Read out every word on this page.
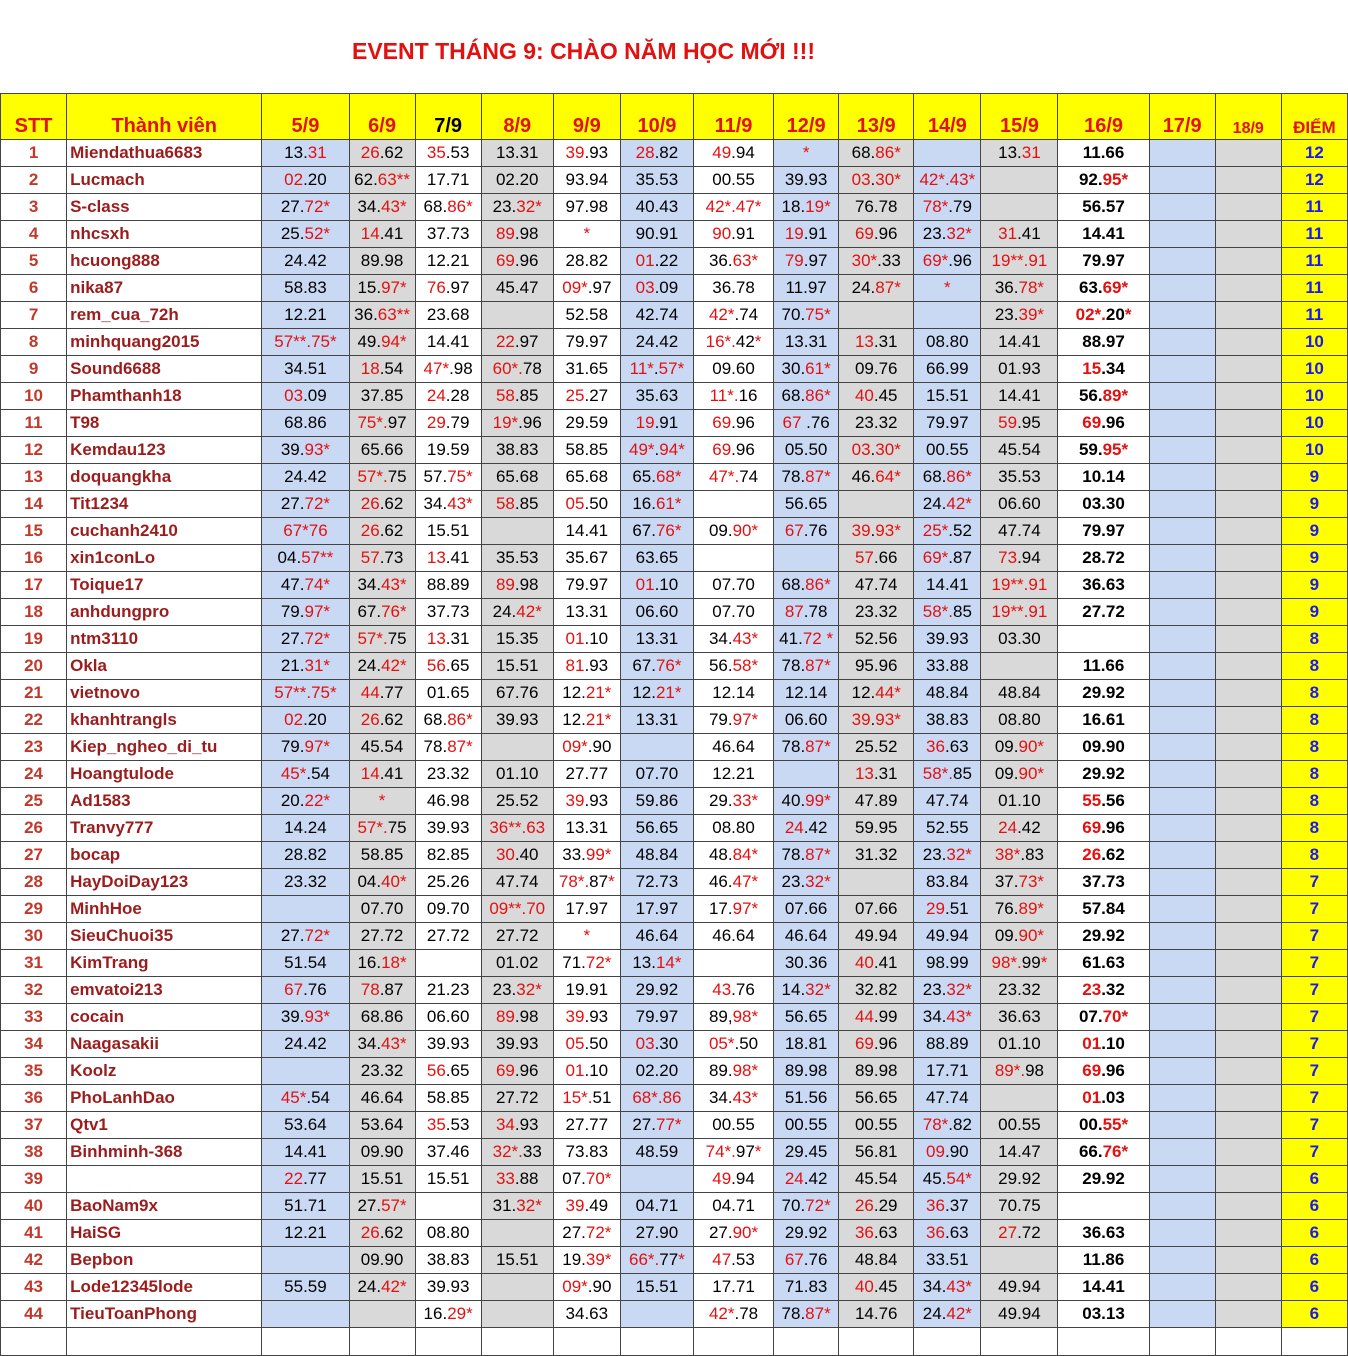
EVENT THÁNG 9: CHÀO NĂM HỌC MỚI !!!
STT	Thành viên	5/9	6/9	7/9	8/9	9/9	10/9	11/9	12/9	13/9	14/9	15/9	16/9	17/9	18/9	ĐIỂM
1	Miendathua6683	13.31	26.62	35.53	13.31	39.93	28.82	49.94	*	68.86*		13.31	11.66			12
2	Lucmach	02.20	62.63**	17.71	02.20	93.94	35.53	00.55	39.93	03.30*	42*.43*		92.95*			12
3	S-class	27.72*	34.43*	68.86*	23.32*	97.98	40.43	42*.47*	18.19*	76.78	78*.79		56.57			11
4	nhcsxh	25.52*	14.41	37.73	89.98	*	90.91	90.91	19.91	69.96	23.32*	31.41	14.41			11
5	hcuong888	24.42	89.98	12.21	69.96	28.82	01.22	36.63*	79.97	30*.33	69*.96	19**.91	79.97			11
6	nika87	58.83	15.97*	76.97	45.47	09*.97	03.09	36.78	11.97	24.87*	*	36.78*	63.69*			11
7	rem_cua_72h	12.21	36.63**	23.68		52.58	42.74	42*.74	70.75*			23.39*	02*.20*			11
8	minhquang2015	57**.75*	49.94*	14.41	22.97	79.97	24.42	16*.42*	13.31	13.31	08.80	14.41	88.97			10
9	Sound6688	34.51	18.54	47*.98	60*.78	31.65	11*.57*	09.60	30.61*	09.76	66.99	01.93	15.34			10
10	Phamthanh18	03.09	37.85	24.28	58.85	25.27	35.63	11*.16	68.86*	40.45	15.51	14.41	56.89*			10
11	T98	68.86	75*.97	29.79	19*.96	29.59	19.91	69.96	67 .76	23.32	79.97	59.95	69.96			10
12	Kemdau123	39.93*	65.66	19.59	38.83	58.85	49*.94*	69.96	05.50	03.30*	00.55	45.54	59.95*			10
13	doquangkha	24.42	57*.75	57.75*	65.68	65.68	65.68*	47*.74	78.87*	46.64*	68.86*	35.53	10.14			9
14	Tit1234	27.72*	26.62	34.43*	58.85	05.50	16.61*		56.65		24.42*	06.60	03.30			9
15	cuchanh2410	67*76	26.62	15.51		14.41	67.76*	09.90*	67.76	39.93*	25*.52	47.74	79.97			9
16	xin1conLo	04.57**	57.73	13.41	35.53	35.67	63.65			57.66	69*.87	73.94	28.72			9
17	Toique17	47.74*	34.43*	88.89	89.98	79.97	01.10	07.70	68.86*	47.74	14.41	19**.91	36.63			9
18	anhdungpro	79.97*	67.76*	37.73	24.42*	13.31	06.60	07.70	87.78	23.32	58*.85	19**.91	27.72			9
19	ntm3110	27.72*	57*.75	13.31	15.35	01.10	13.31	34.43*	41.72 *	52.56	39.93	03.30				8
20	Okla	21.31*	24.42*	56.65	15.51	81.93	67.76*	56.58*	78.87*	95.96	33.88		11.66			8
21	vietnovo	57**.75*	44.77	01.65	67.76	12.21*	12.21*	12.14	12.14	12.44*	48.84	48.84	29.92			8
22	khanhtrangls	02.20	26.62	68.86*	39.93	12.21*	13.31	79.97*	06.60	39.93*	38.83	08.80	16.61			8
23	Kiep_ngheo_di_tu	79.97*	45.54	78.87*		09*.90		46.64	78.87*	25.52	36.63	09.90*	09.90			8
24	Hoangtulode	45*.54	14.41	23.32	01.10	27.77	07.70	12.21		13.31	58*.85	09.90*	29.92			8
25	Ad1583	20.22*	*	46.98	25.52	39.93	59.86	29.33*	40.99*	47.89	47.74	01.10	55.56			8
26	Tranvy777	14.24	57*.75	39.93	36**.63	13.31	56.65	08.80	24.42	59.95	52.55	24.42	69.96			8
27	bocap	28.82	58.85	82.85	30.40	33.99*	48.84	48.84*	78.87*	31.32	23.32*	38*.83	26.62			8
28	HayDoiDay123	23.32	04.40*	25.26	47.74	78*.87*	72.73	46.47*	23.32*		83.84	37.73*	37.73			7
29	MinhHoe		07.70	09.70	09**.70	17.97	17.97	17.97*	07.66	07.66	29.51	76.89*	57.84			7
30	SieuChuoi35	27.72*	27.72	27.72	27.72	*	46.64	46.64	46.64	49.94	49.94	09.90*	29.92			7
31	KimTrang	51.54	16.18*		01.02	71.72*	13.14*		30.36	40.41	98.99	98*.99*	61.63			7
32	emvatoi213	67.76	78.87	21.23	23.32*	19.91	29.92	43.76	14.32*	32.82	23.32*	23.32	23.32			7
33	cocain	39.93*	68.86	06.60	89.98	39.93	79.97	89,98*	56.65	44.99	34.43*	36.63	07.70*			7
34	Naagasakii	24.42	34.43*	39.93	39.93	05.50	03.30	05*.50	18.81	69.96	88.89	01.10	01.10			7
35	Koolz		23.32	56.65	69.96	01.10	02.20	89.98*	89.98	89.98	17.71	89*.98	69.96			7
36	PhoLanhDao	45*.54	46.64	58.85	27.72	15*.51	68*.86	34.43*	51.56	56.65	47.74		01.03			7
37	Qtv1	53.64	53.64	35.53	34.93	27.77	27.77*	00.55	00.55	00.55	78*.82	00.55	00.55*			7
38	Binhminh-368	14.41	09.90	37.46	32*.33	73.83	48.59	74*.97*	29.45	56.81	09.90	14.47	66.76*			7
39		22.77	15.51	15.51	33.88	07.70*		49.94	24.42	45.54	45.54*	29.92	29.92			6
40	BaoNam9x	51.71	27.57*		31.32*	39.49	04.71	04.71	70.72*	26.29	36.37	70.75				6
41	HaiSG	12.21	26.62	08.80		27.72*	27.90	27.90*	29.92	36.63	36.63	27.72	36.63			6
42	Bepbon		09.90	38.83	15.51	19.39*	66*.77*	47.53	67.76	48.84	33.51		11.86			6
43	Lode12345lode	55.59	24.42*	39.93		09*.90	15.51	17.71	71.83	40.45	34.43*	49.94	14.41			6
44	TieuToanPhong			16.29*		34.63		42*.78	78.87*	14.76	24.42*	49.94	03.13			6
